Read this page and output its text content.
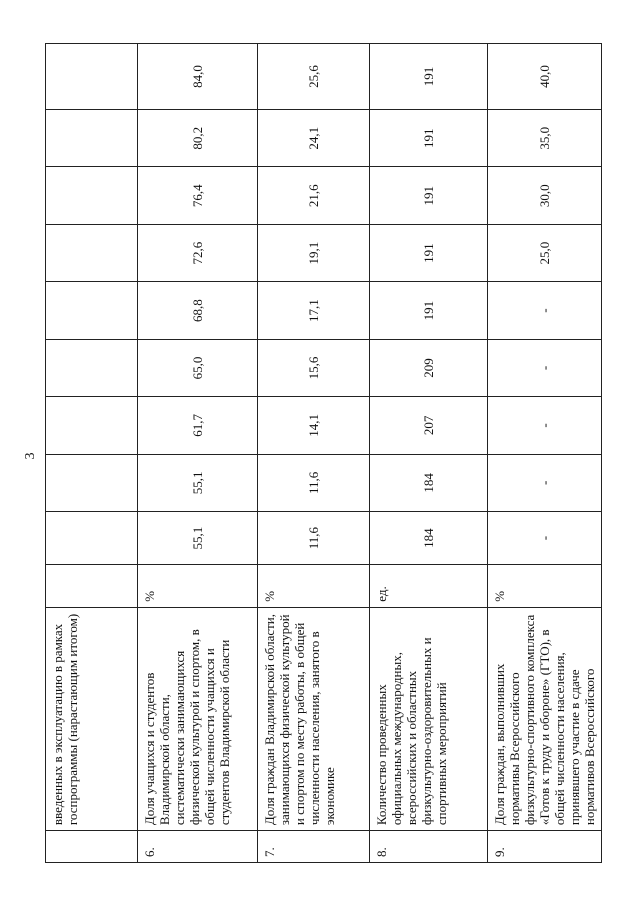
3
	введенных в эксплуатацию в рамках госпрограммы (нарастающим итогом)										
6.	Доля учащихся и студентов Владимирской области, систематически занимающихся физической культурой и спортом, в общей численности учащихся и студентов Владимирской области	%	55,1	55,1	61,7	65,0	68,8	72,6	76,4	80,2	84,0
7.	Доля граждан Владимирской области, занимающихся физической культурой и спортом по месту работы, в общей численности населения, занятого в экономике	%	11,6	11,6	14,1	15,6	17,1	19,1	21,6	24,1	25,6
8.	Количество проведенных официальных международных, всероссийских и областных физкультурно-оздоровительных и спортивных мероприятий	ед.	184	184	207	209	191	191	191	191	191
9.	Доля граждан, выполнивших нормативы Всероссийского физкультурно-спортивного комплекса «Готов к труду и обороне» (ГТО), в общей численности населения, принявшего участие в сдаче нормативов Всероссийского	%	-	-	-	-	-	25,0	30,0	35,0	40,0
